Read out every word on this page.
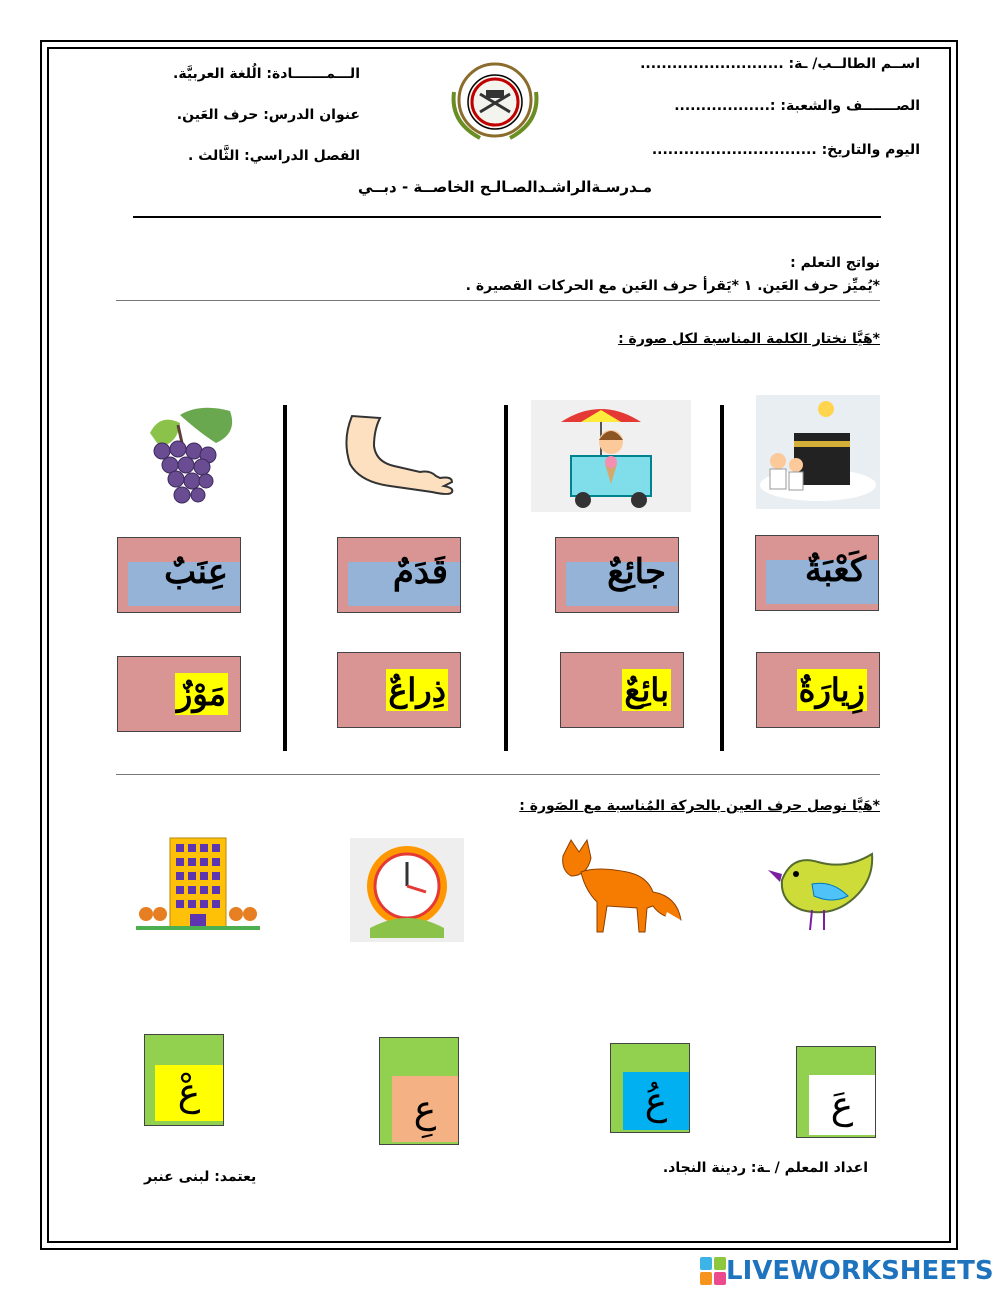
الـــمـــــــادة: الُلغة العربيَّة.
عنوان الدرس: حرف العَين.
الفصل الدراسي: الثَّالث .
مـدرسـةالراشـدالصـالـح الخاصــة - دبــي
اســم الطالــب/ ـة: ...........................
الصـــــــف والشعبة: :..................
اليوم والتاريخ: ...............................
نواتج التعلم :
*يُميِّز حرف العَين. ١ *يَقرأ حرف العَين مع الحركات القصيرة .
*هَيَّا نختار الكلمة المناسبة لكل صورة :
عِنَبٌ	قَدَمٌ	جائِعٌ	كَعْبَةٌ
مَوْزٌ	ذِراعٌ	بائِعٌ	زِيارَةٌ
*هَيَّا نوصل حرف العين بالحركة المُناسبة مع الصَورة :
عْ	عِ	عُ	عَ
اعداد المعلم / ـة: ردينة النجاد.
يعتمد: لبنى عنبر
LIVEWORKSHEETS
